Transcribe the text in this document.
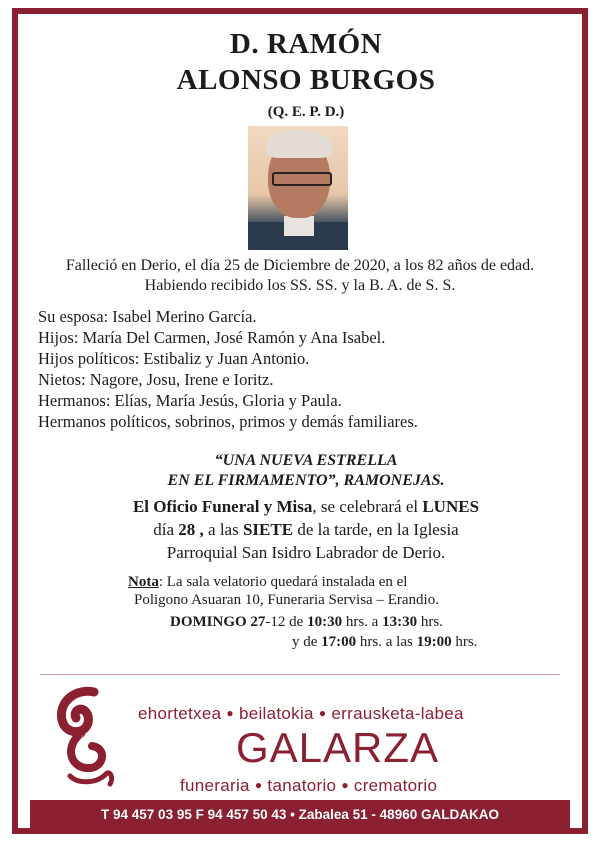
D. RAMÓN
ALONSO BURGOS
(Q. E. P. D.)
Falleció en Derio, el día 25 de Diciembre de 2020, a los 82 años de edad. Habiendo recibido los SS. SS. y la B. A. de S. S.
Su esposa: Isabel Merino García.
Hijos: María Del Carmen, José Ramón y Ana Isabel.
Hijos políticos: Estibaliz y Juan Antonio.
Nietos: Nagore, Josu, Irene e Ioritz.
Hermanos: Elías, María Jesús, Gloria y Paula.
Hermanos políticos, sobrinos, primos y demás familiares.
“UNA NUEVA ESTRELLA
EN EL FIRMAMENTO”, RAMONEJAS.
El Oficio Funeral y Misa, se celebrará el LUNES
día 28 , a las SIETE de la tarde, en la Iglesia
Parroquial San Isidro Labrador de Derio.
Nota: La sala velatorio quedará instalada en el
Poligono Asuaran 10, Funeraria Servisa – Erandio.
DOMINGO 27-12 de 10:30 hrs. a 13:30 hrs.
y de 17:00 hrs. a las 19:00 hrs.
ehortetxea ● beilatokia ● errausketa-labea
GALARZA
funeraria ● tanatorio ● crematorio
T 94 457 03 95 F 94 457 50 43 • Zabalea 51 - 48960 GALDAKAO
